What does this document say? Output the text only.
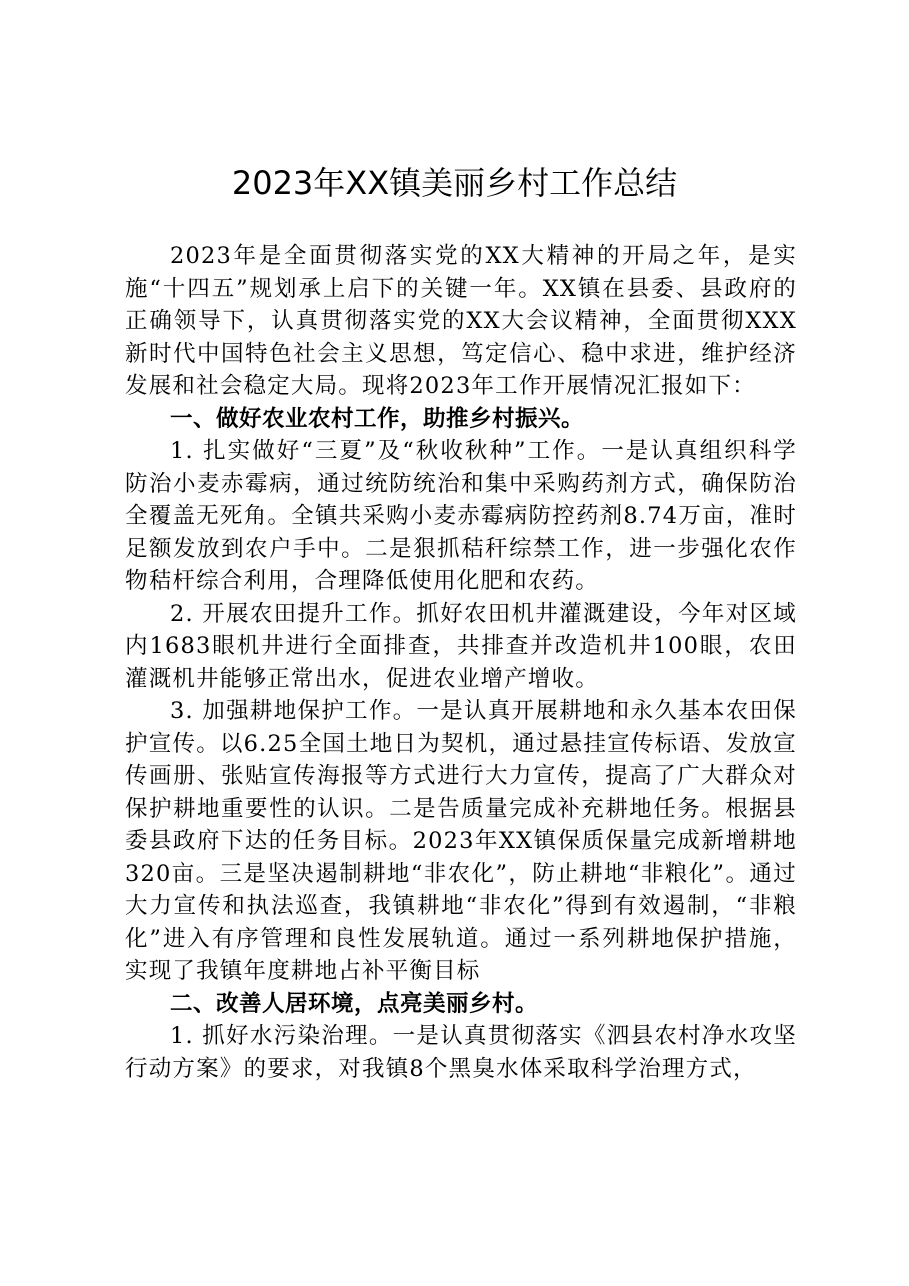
2023年XX镇美丽乡村工作总结

2023年是全面贯彻落实党的XX大精神的开局之年，是实施“十四五”规划承上启下的关键一年。XX镇在县委、县政府的正确领导下，认真贯彻落实党的XX大会议精神，全面贯彻XXX新时代中国特色社会主义思想，笃定信心、稳中求进，维护经济发展和社会稳定大局。现将2023年工作开展情况汇报如下：

一、做好农业农村工作，助推乡村振兴。

1. 扎实做好“三夏”及“秋收秋种”工作。一是认真组织科学防治小麦赤霉病，通过统防统治和集中采购药剂方式，确保防治全覆盖无死角。全镇共采购小麦赤霉病防控药剂8.74万亩，准时足额发放到农户手中。二是狠抓秸秆综禁工作，进一步强化农作物秸杆综合利用，合理降低使用化肥和农药。

2. 开展农田提升工作。抓好农田机井灌溉建设，今年对区域内1683眼机井进行全面排查，共排查并改造机井100眼，农田灌溉机井能够正常出水，促进农业增产增收。

3. 加强耕地保护工作。一是认真开展耕地和永久基本农田保护宣传。以6.25全国土地日为契机，通过悬挂宣传标语、发放宣传画册、张贴宣传海报等方式进行大力宣传，提高了广大群众对保护耕地重要性的认识。二是告质量完成补充耕地任务。根据县委县政府下达的任务目标。2023年XX镇保质保量完成新增耕地320亩。三是坚决遏制耕地“非农化”，防止耕地“非粮化”。通过大力宣传和执法巡查，我镇耕地“非农化”得到有效遏制，“非粮化”进入有序管理和良性发展轨道。通过一系列耕地保护措施，实现了我镇年度耕地占补平衡目标

二、改善人居环境，点亮美丽乡村。

1. 抓好水污染治理。一是认真贯彻落实《泗县农村净水攻坚行动方案》的要求，对我镇8个黑臭水体采取科学治理方式，
